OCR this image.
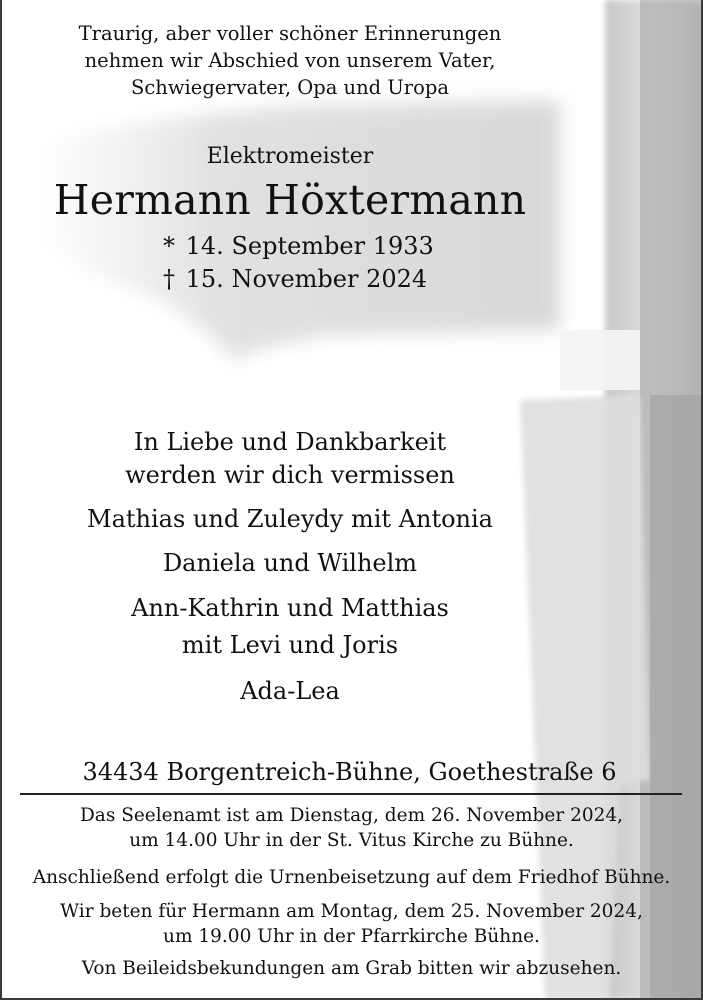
Traurig, aber voller schöner Erinnerungen
nehmen wir Abschied von unserem Vater,
Schwiegervater, Opa und Uropa
Elektromeister
Hermann Höxtermann
* 14. September 1933
† 15. November 2024
In Liebe und Dankbarkeit
werden wir dich vermissen
Mathias und Zuleydy mit Antonia
Daniela und Wilhelm
Ann-Kathrin und Matthias
mit Levi und Joris
Ada-Lea
34434 Borgentreich-Bühne, Goethestraße 6
Das Seelenamt ist am Dienstag, dem 26. November 2024,
um 14.00 Uhr in der St. Vitus Kirche zu Bühne.
Anschließend erfolgt die Urnenbeisetzung auf dem Friedhof Bühne.
Wir beten für Hermann am Montag, dem 25. November 2024,
um 19.00 Uhr in der Pfarrkirche Bühne.
Von Beileidsbekundungen am Grab bitten wir abzusehen.
